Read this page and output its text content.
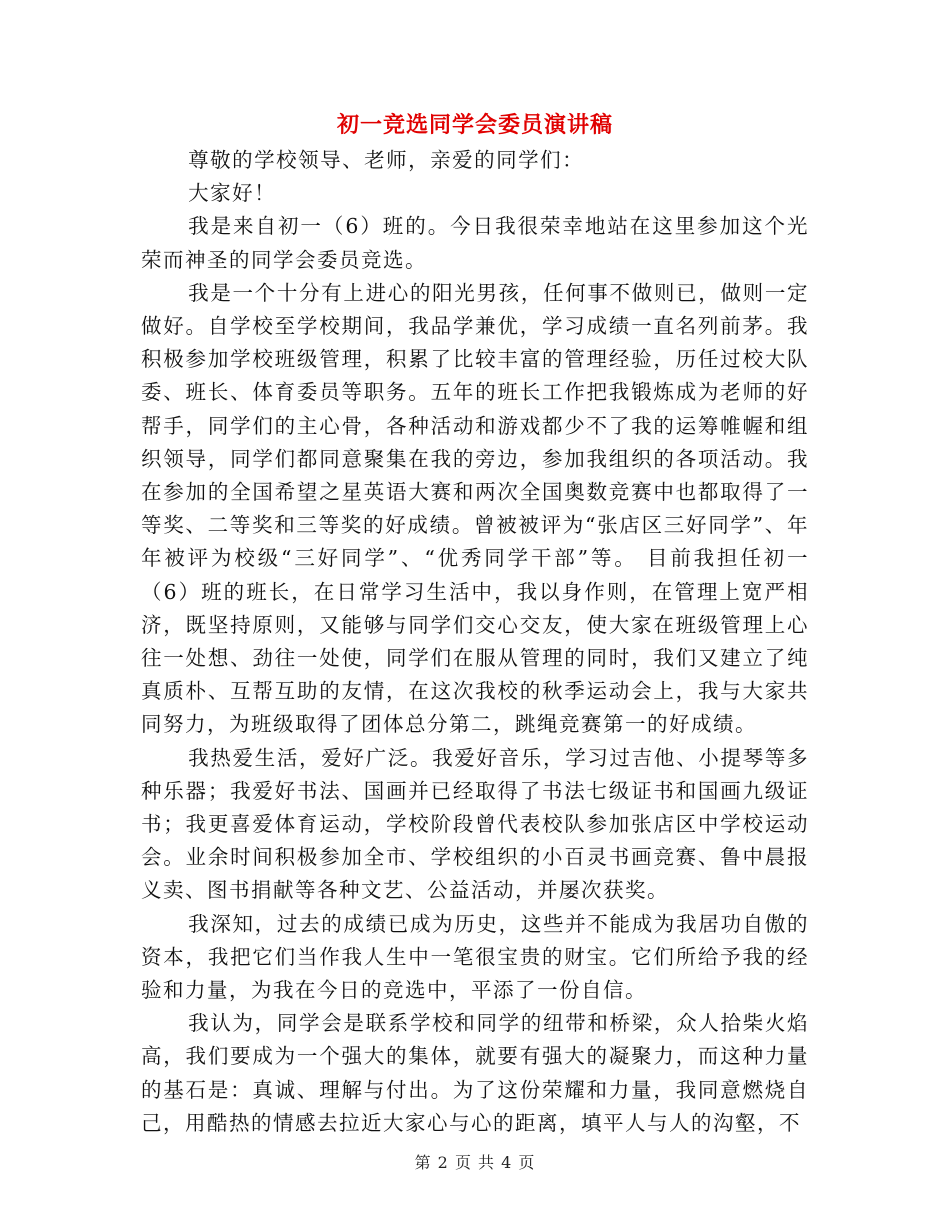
初一竞选同学会委员演讲稿

尊敬的学校领导、老师，亲爱的同学们：

大家好！

我是来自初一（6）班的。今日我很荣幸地站在这里参加这个光荣而神圣的同学会委员竞选。

我是一个十分有上进心的阳光男孩，任何事不做则已，做则一定做好。自学校至学校期间，我品学兼优，学习成绩一直名列前茅。我积极参加学校班级管理，积累了比较丰富的管理经验，历任过校大队委、班长、体育委员等职务。五年的班长工作把我锻炼成为老师的好帮手，同学们的主心骨，各种活动和游戏都少不了我的运筹帷幄和组织领导，同学们都同意聚集在我的旁边，参加我组织的各项活动。我在参加的全国希望之星英语大赛和两次全国奥数竞赛中也都取得了一等奖、二等奖和三等奖的好成绩。曾被被评为“张店区三好同学”、年年被评为校级“三好同学”、“优秀同学干部”等。 目前我担任初一（6）班的班长，在日常学习生活中，我以身作则，在管理上宽严相济，既坚持原则，又能够与同学们交心交友，使大家在班级管理上心往一处想、劲往一处使，同学们在服从管理的同时，我们又建立了纯真质朴、互帮互助的友情，在这次我校的秋季运动会上，我与大家共同努力，为班级取得了团体总分第二，跳绳竞赛第一的好成绩。

我热爱生活，爱好广泛。我爱好音乐，学习过吉他、小提琴等多种乐器；我爱好书法、国画并已经取得了书法七级证书和国画九级证书；我更喜爱体育运动，学校阶段曾代表校队参加张店区中学校运动会。业余时间积极参加全市、学校组织的小百灵书画竞赛、鲁中晨报义卖、图书捐献等各种文艺、公益活动，并屡次获奖。

我深知，过去的成绩已成为历史，这些并不能成为我居功自傲的资本，我把它们当作我人生中一笔很宝贵的财宝。它们所给予我的经验和力量，为我在今日的竞选中，平添了一份自信。

我认为，同学会是联系学校和同学的纽带和桥梁，众人拾柴火焰高，我们要成为一个强大的集体，就要有强大的凝聚力，而这种力量的基石是：真诚、理解与付出。为了这份荣耀和力量，我同意燃烧自己，用酷热的情感去拉近大家心与心的距离，填平人与人的沟壑，不

第 2 页 共 4 页
